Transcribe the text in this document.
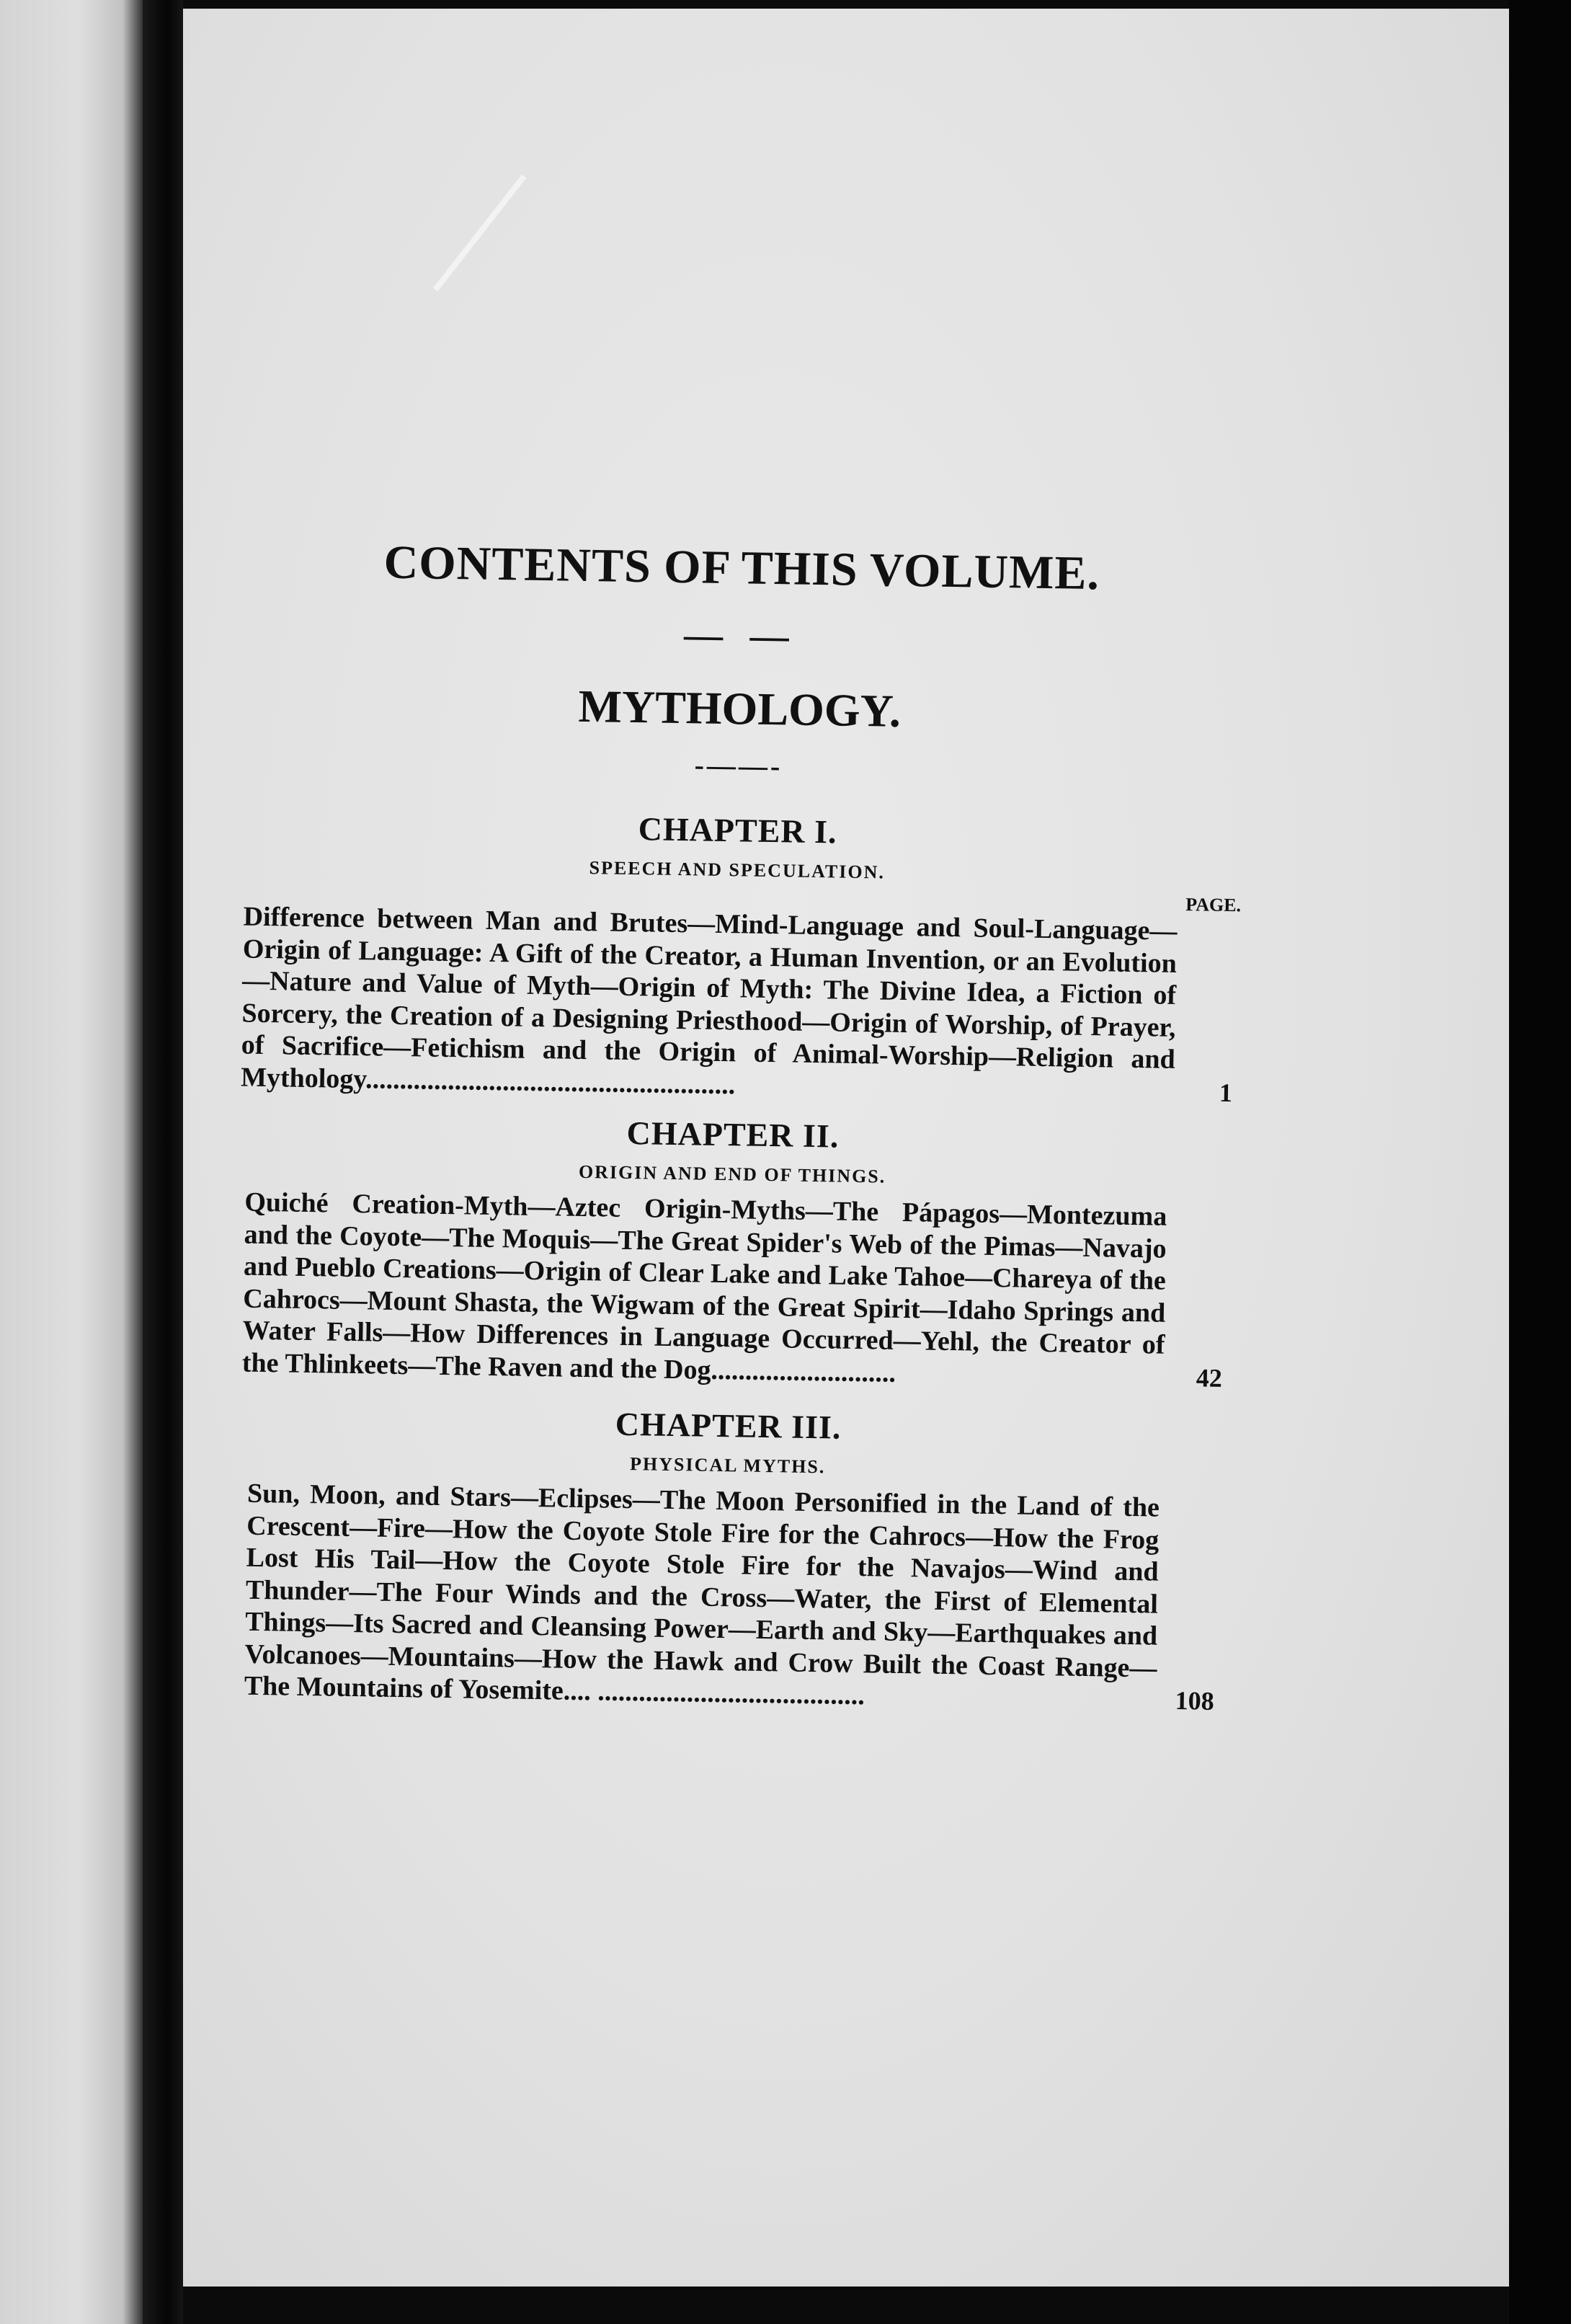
CONTENTS OF THIS VOLUME.
— —
MYTHOLOGY.
-——-
CHAPTER I.
SPEECH AND SPECULATION.
PAGE.
Difference between Man and Brutes—Mind-Language and Soul-Language—Origin of Language: A Gift of the Creator, a Human Invention, or an Evolution—Nature and Value of Myth—Origin of Myth: The Divine Idea, a Fiction of Sorcery, the Creation of a Designing Priesthood—Origin of Worship, of Prayer, of Sacrifice—Fetichism and the Origin of Animal-Worship—Religion and Mythology......................................................	1
CHAPTER II.
ORIGIN AND END OF THINGS.
Quiché Creation-Myth—Aztec Origin-Myths—The Pápagos—Montezuma and the Coyote—The Moquis—The Great Spider's Web of the Pimas—Navajo and Pueblo Creations—Origin of Clear Lake and Lake Tahoe—Chareya of the Cahrocs—Mount Shasta, the Wigwam of the Great Spirit—Idaho Springs and Water Falls—How Differences in Language Occurred—Yehl, the Creator of the Thlinkeets—The Raven and the Dog...........................	42
CHAPTER III.
PHYSICAL MYTHS.
Sun, Moon, and Stars—Eclipses—The Moon Personified in the Land of the Crescent—Fire—How the Coyote Stole Fire for the Cahrocs—How the Frog Lost His Tail—How the Coyote Stole Fire for the Navajos—Wind and Thunder—The Four Winds and the Cross—Water, the First of Elemental Things—Its Sacred and Cleansing Power—Earth and Sky—Earthquakes and Volcanoes—Mountains—How the Hawk and Crow Built the Coast Range—The Mountains of Yosemite.... .......................................	108
